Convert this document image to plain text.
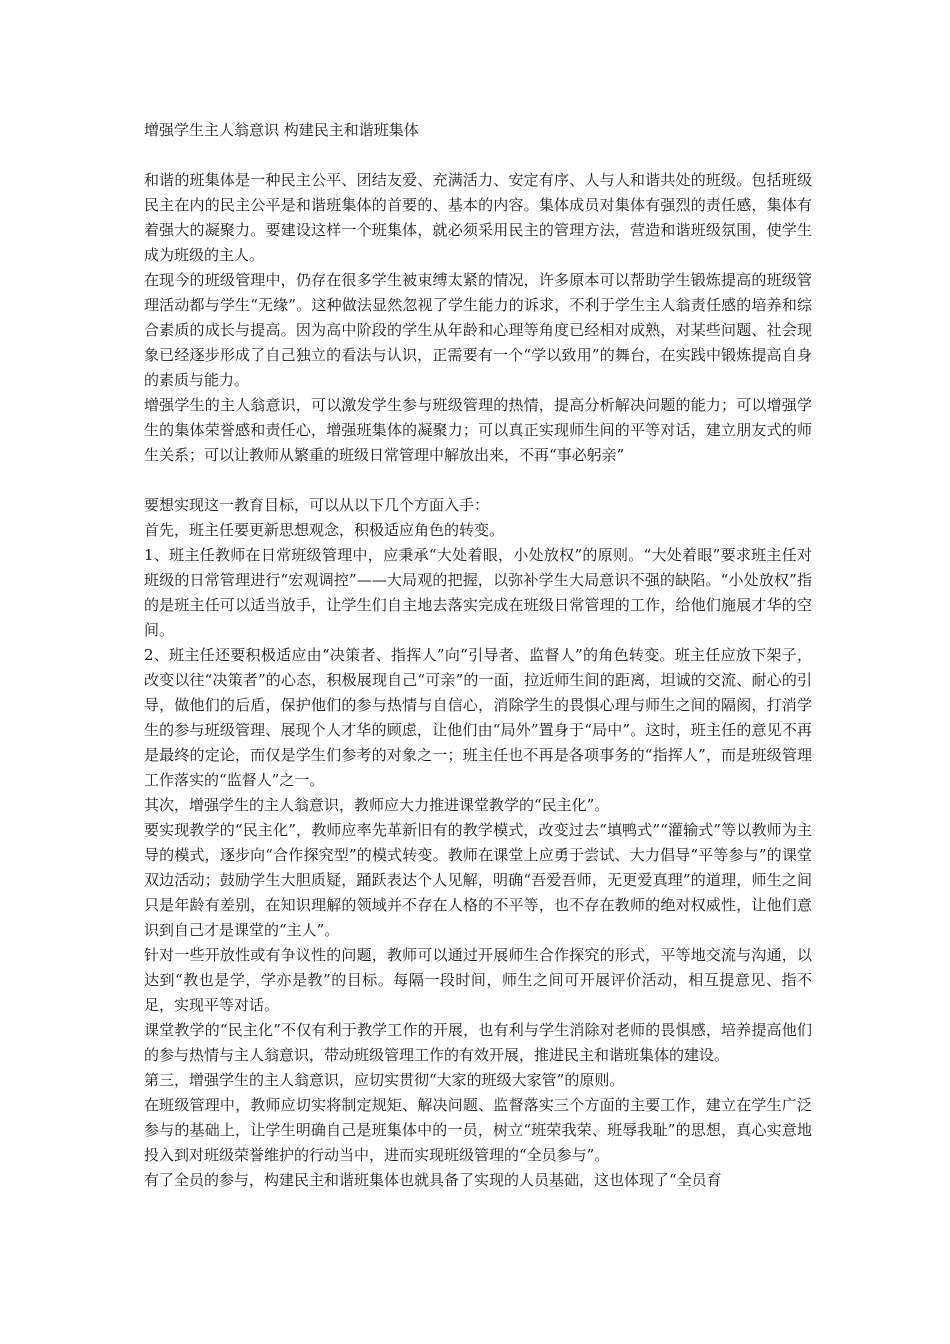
增强学生主人翁意识 构建民主和谐班集体

和谐的班集体是一种民主公平、团结友爱、充满活力、安定有序、人与人和谐共处的班级。包括班级民主在内的民主公平是和谐班集体的首要的、基本的内容。集体成员对集体有强烈的责任感，集体有着强大的凝聚力。要建设这样一个班集体，就必须采用民主的管理方法，营造和谐班级氛围，使学生成为班级的主人。

在现今的班级管理中，仍存在很多学生被束缚太紧的情况，许多原本可以帮助学生锻炼提高的班级管理活动都与学生“无缘”。这种做法显然忽视了学生能力的诉求，不利于学生主人翁责任感的培养和综合素质的成长与提高。因为高中阶段的学生从年龄和心理等角度已经相对成熟，对某些问题、社会现象已经逐步形成了自己独立的看法与认识，正需要有一个“学以致用”的舞台，在实践中锻炼提高自身的素质与能力。

增强学生的主人翁意识，可以激发学生参与班级管理的热情，提高分析解决问题的能力；可以增强学生的集体荣誉感和责任心，增强班集体的凝聚力；可以真正实现师生间的平等对话，建立朋友式的师生关系；可以让教师从繁重的班级日常管理中解放出来，不再“事必躬亲”

要想实现这一教育目标，可以从以下几个方面入手：

首先，班主任要更新思想观念，积极适应角色的转变。

1、班主任教师在日常班级管理中，应秉承“大处着眼，小处放权”的原则。“大处着眼”要求班主任对班级的日常管理进行“宏观调控”——大局观的把握，以弥补学生大局意识不强的缺陷。“小处放权”指的是班主任可以适当放手，让学生们自主地去落实完成在班级日常管理的工作，给他们施展才华的空间。

2、班主任还要积极适应由“决策者、指挥人”向“引导者、监督人”的角色转变。班主任应放下架子，改变以往“决策者”的心态，积极展现自己“可亲”的一面，拉近师生间的距离，坦诚的交流、耐心的引导，做他们的后盾，保护他们的参与热情与自信心，消除学生的畏惧心理与师生之间的隔阂，打消学生的参与班级管理、展现个人才华的顾虑，让他们由“局外”置身于“局中”。这时，班主任的意见不再是最终的定论，而仅是学生们参考的对象之一；班主任也不再是各项事务的“指挥人”，而是班级管理工作落实的“监督人”之一。

其次，增强学生的主人翁意识，教师应大力推进课堂教学的“民主化”。

要实现教学的“民主化”，教师应率先革新旧有的教学模式，改变过去“填鸭式”“灌输式”等以教师为主导的模式，逐步向“合作探究型”的模式转变。教师在课堂上应勇于尝试、大力倡导“平等参与”的课堂双边活动；鼓励学生大胆质疑，踊跃表达个人见解，明确“吾爱吾师，无更爱真理”的道理，师生之间只是年龄有差别，在知识理解的领域并不存在人格的不平等，也不存在教师的绝对权威性，让他们意识到自己才是课堂的“主人”。

针对一些开放性或有争议性的问题，教师可以通过开展师生合作探究的形式，平等地交流与沟通，以达到“教也是学，学亦是教”的目标。每隔一段时间，师生之间可开展评价活动，相互提意见、指不足，实现平等对话。

课堂教学的“民主化”不仅有利于教学工作的开展，也有利与学生消除对老师的畏惧感，培养提高他们的参与热情与主人翁意识，带动班级管理工作的有效开展，推进民主和谐班集体的建设。

第三，增强学生的主人翁意识，应切实贯彻“大家的班级大家管”的原则。

在班级管理中，教师应切实将制定规矩、解决问题、监督落实三个方面的主要工作，建立在学生广泛参与的基础上，让学生明确自己是班集体中的一员，树立“班荣我荣、班辱我耻”的思想，真心实意地投入到对班级荣誉维护的行动当中，进而实现班级管理的“全员参与”。

有了全员的参与，构建民主和谐班集体也就具备了实现的人员基础，这也体现了“全员育
